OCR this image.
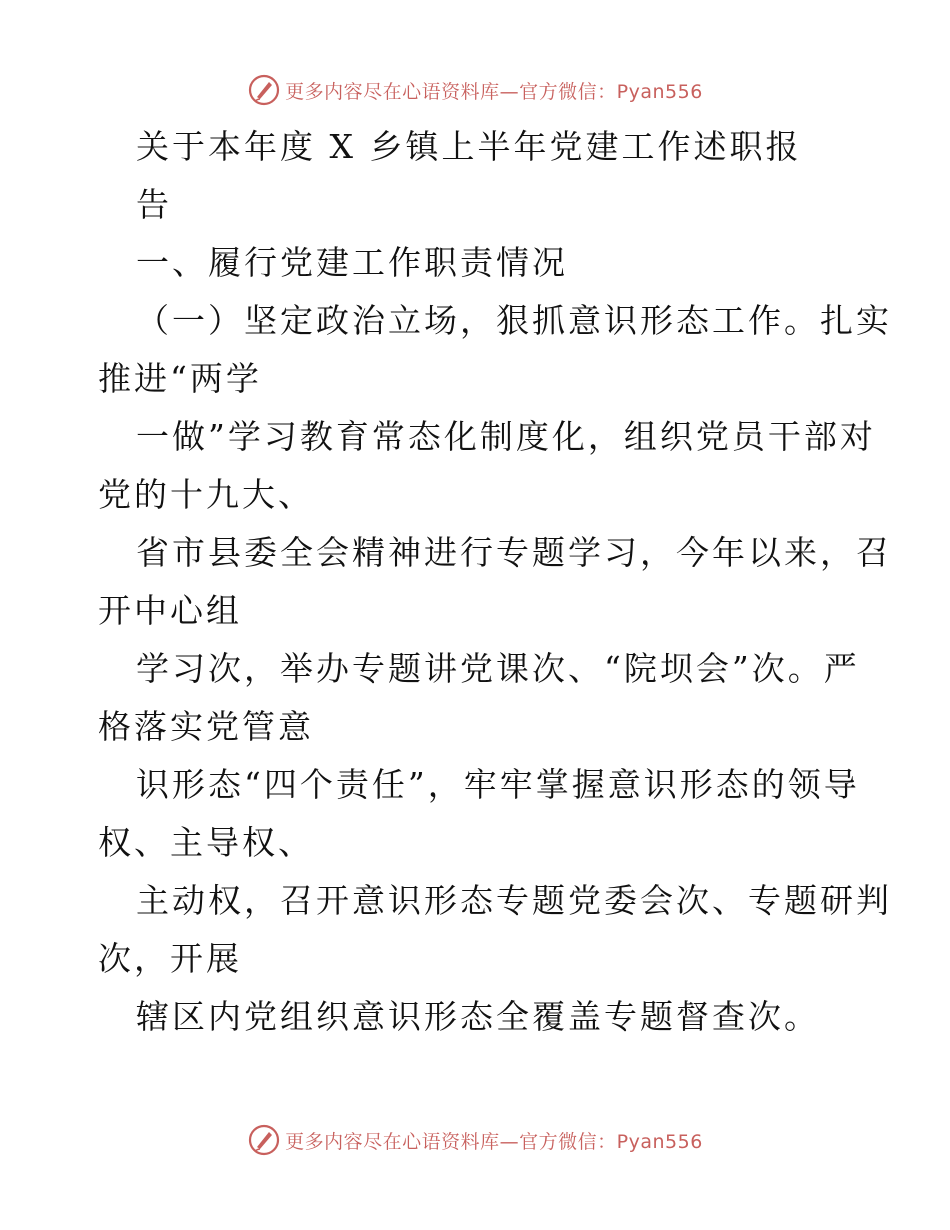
更多内容尽在心语资料库—官方微信：Pyan556
关于本年度 X 乡镇上半年党建工作述职报
告
一、履行党建工作职责情况
（一）坚定政治立场，狠抓意识形态工作。扎实
推进“两学
一做”学习教育常态化制度化，组织党员干部对
党的十九大、
省市县委全会精神进行专题学习，今年以来，召
开中心组
学习次，举办专题讲党课次、“院坝会”次。严
格落实党管意
识形态“四个责任”，牢牢掌握意识形态的领导
权、主导权、
主动权，召开意识形态专题党委会次、专题研判
次，开展
辖区内党组织意识形态全覆盖专题督查次。
更多内容尽在心语资料库—官方微信：Pyan556
